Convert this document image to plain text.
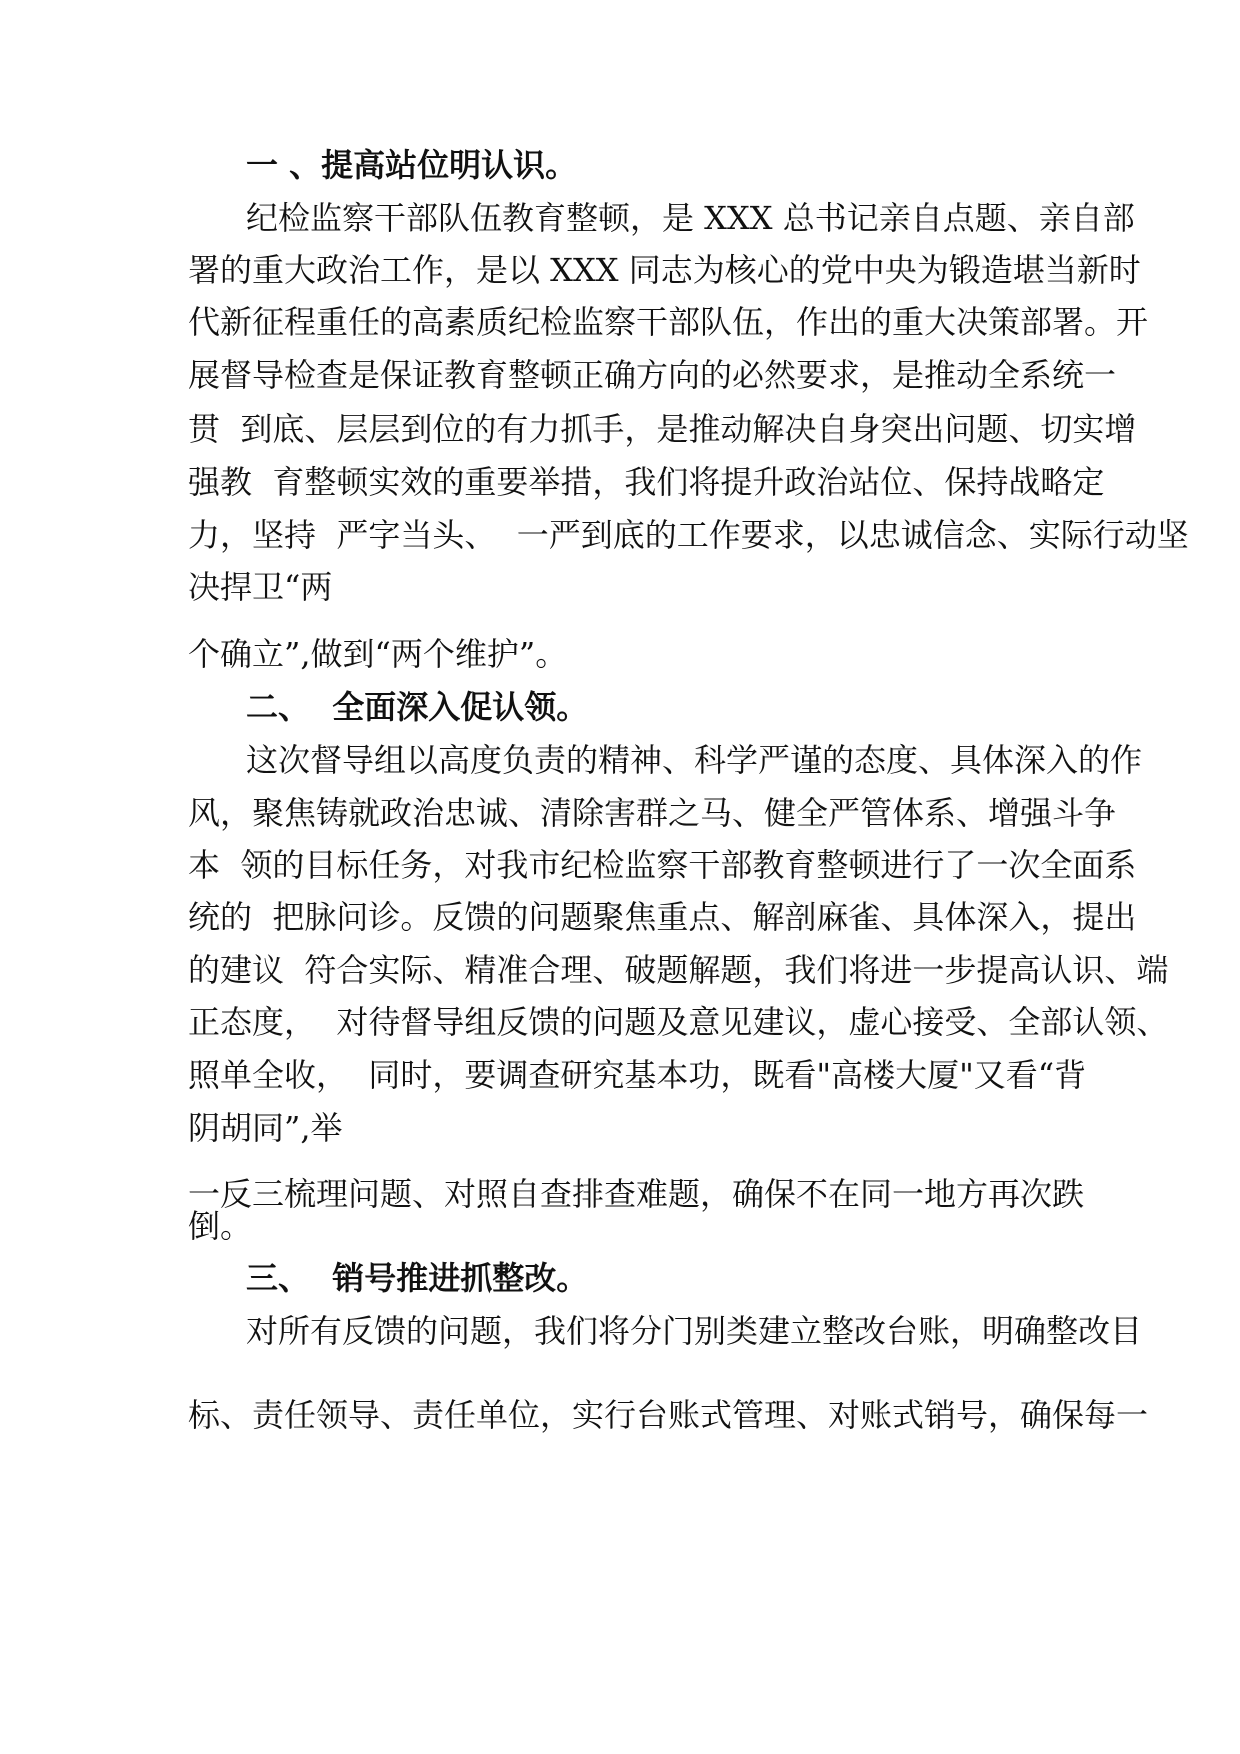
一 、提高站位明认识。
纪检监察干部队伍教育整顿，是 XXX 总书记亲自点题、亲自部
署的重大政治工作，是以 XXX 同志为核心的党中央为锻造堪当新时
代新征程重任的高素质纪检监察干部队伍，作出的重大决策部署。开
展督导检查是保证教育整顿正确方向的必然要求，是推动全系统一
贯  到底、层层到位的有力抓手，是推动解决自身突出问题、切实增
强教  育整顿实效的重要举措，我们将提升政治站位、保持战略定
力，坚持  严字当头、  一严到底的工作要求，以忠诚信念、实际行动坚
决捍卫“两
个确立”,做到“两个维护”。
二、  全面深入促认领。
这次督导组以高度负责的精神、科学严谨的态度、具体深入的作
风，聚焦铸就政治忠诚、清除害群之马、健全严管体系、增强斗争
本  领的目标任务，对我市纪检监察干部教育整顿进行了一次全面系
统的  把脉问诊。反馈的问题聚焦重点、解剖麻雀、具体深入，提出
的建议  符合实际、精准合理、破题解题，我们将进一步提高认识、端
正态度，  对待督导组反馈的问题及意见建议，虚心接受、全部认领、
照单全收，  同时，要调查研究基本功，既看"高楼大厦"又看“背
阴胡同”,举
一反三梳理问题、对照自查排查难题，确保不在同一地方再次跌
倒。
三、  销号推进抓整改。
对所有反馈的问题，我们将分门别类建立整改台账，明确整改目
标、责任领导、责任单位，实行台账式管理、对账式销号，确保每一
